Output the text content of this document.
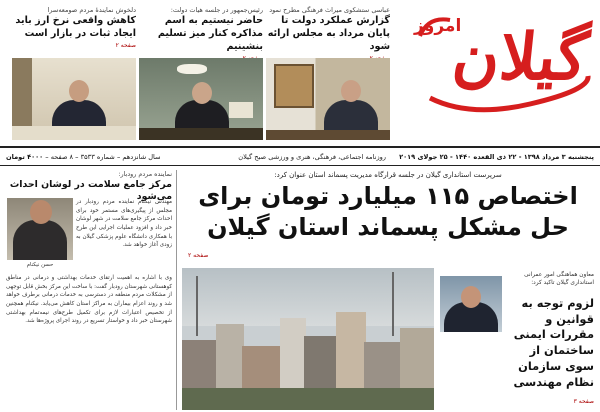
گیلان
امروز
عباسی ستشکوی میراث فرهنگی مطرح نمود
گزارش عملکرد دولت تا پایان مرداد به مجلس ارائه شود
رئیس‌جمهور در جلسه هیات دولت:
حاضر نیستیم به اسم مذاکره کنار میز تسلیم بنشینیم
دلخوش نمایندهٔ مردم صومعه‌سرا
کاهش واقعی نرخ ارز باید ایجاد ثبات در بازار است
صفحه ۲
پنجشنبه ۳ مرداد ۱۳۹۸ - ۲۲ ذی القعده ۱۴۴۰ - ۲۵ جولای ۲۰۱۹
روزنامه اجتماعی، فرهنگی، هنری و ورزشی صبح گیلان
سال شانزدهم – شماره ۳۵۳۳ – ۸ صفحه – ۴۰۰۰ تومان
نماینده مردم رودبار:
مرکز جامع سلامت در لوشان احداث می‌شود
حسن نیکنام
مهندس نیکنام نماینده مردم رودبار در مجلس از پیگیری‌های مستمر خود برای احداث مرکز جامع سلامت در شهر لوشان خبر داد و افزود عملیات اجرایی این طرح با همکاری دانشگاه علوم پزشکی گیلان به زودی آغاز خواهد شد.
وی با اشاره به اهمیت ارتقای خدمات بهداشتی و درمانی در مناطق کوهستانی شهرستان رودبار گفت: با ساخت این مرکز بخش قابل توجهی از مشکلات مردم منطقه در دسترسی به خدمات درمانی برطرف خواهد شد و روند اعزام بیماران به مراکز استان کاهش می‌یابد. نیکنام همچنین از تخصیص اعتبارات لازم برای تکمیل طرح‌های نیمه‌تمام بهداشتی شهرستان خبر داد و خواستار تسریع در روند اجرای پروژه‌ها شد.
سرپرست استانداری گیلان در جلسه قرارگاه مدیریت پسماند استان عنوان کرد:
اختصاص ۱۱۵ میلیارد تومان برای حل مشکل پسماند استان گیلان
صفحه ۲
معاون هماهنگی امور عمرانی استانداری گیلان تاکید کرد:
لزوم توجه به قوانین و مقررات ایمنی ساختمان از سوی سازمان نظام مهندسی
صفحه ۳
